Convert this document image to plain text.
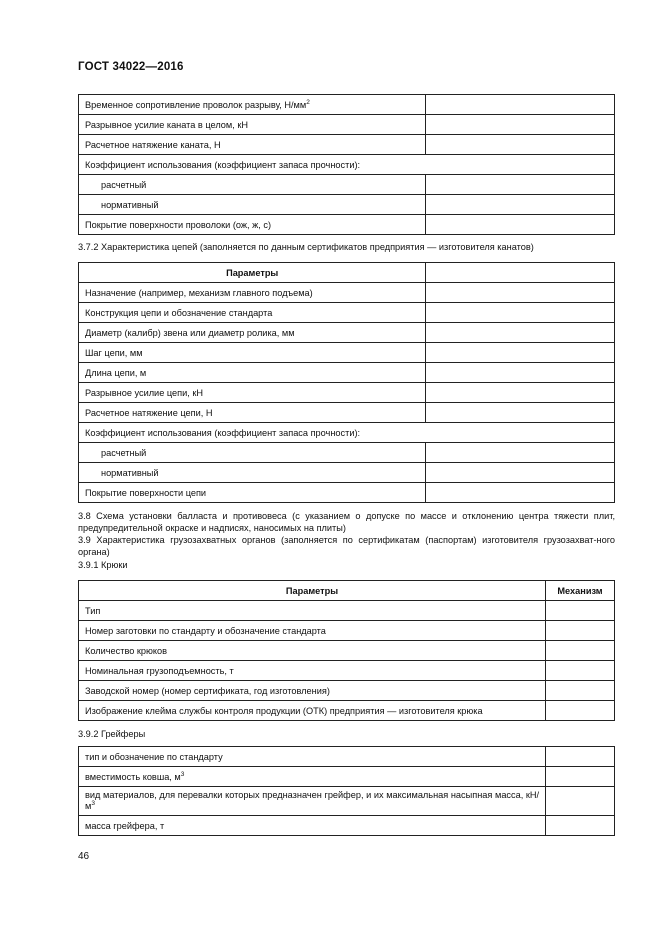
ГОСТ 34022—2016
Временное сопротивление проволок разрыву, $Н/мм^2$	
Разрывное усилие каната в целом, кН	
Расчетное натяжение каната, Н	
Коэффициент использования (коэффициент запаса прочности):	
расчетный	
нормативный	
Покрытие поверхности проволоки (ож, ж, с)	
3.7.2 Характеристика цепей (заполняется по данным сертификатов предприятия — изготовителя канатов)
Параметры	
Назначение (например, механизм главного подъема)	
Конструкция цепи и обозначение стандарта	
Диаметр (калибр) звена или диаметр ролика, мм	
Шаг цепи, мм	
Длина цепи, м	
Разрывное усилие цепи, кН	
Расчетное натяжение цепи, Н	
Коэффициент использования (коэффициент запаса прочности):	
расчетный	
нормативный	
Покрытие поверхности цепи	
3.8 Схема установки балласта и противовеса (с указанием о допуске по массе и отклонению центра тяжести плит, предупредительной окраске и надписях, наносимых на плиты)
3.9 Характеристика грузозахватных органов (заполняется по сертификатам (паспортам) изготовителя грузозахват-ного органа)
3.9.1 Крюки
Параметры	Механизм
Тип	
Номер заготовки по стандарту и обозначение стандарта	
Количество крюков	
Номинальная грузоподъемность, т	
Заводской номер (номер сертификата, год изготовления)	
Изображение клейма службы контроля продукции (ОТК) предприятия — изготовителя крюка	
3.9.2 Грейферы
тип и обозначение по стандарту	
вместимость ковша, $м^3$	
вид материалов, для перевалки которых предназначен грейфер, и их максимальная насыпная масса, $кН/м^3$	
масса грейфера, т	
46
